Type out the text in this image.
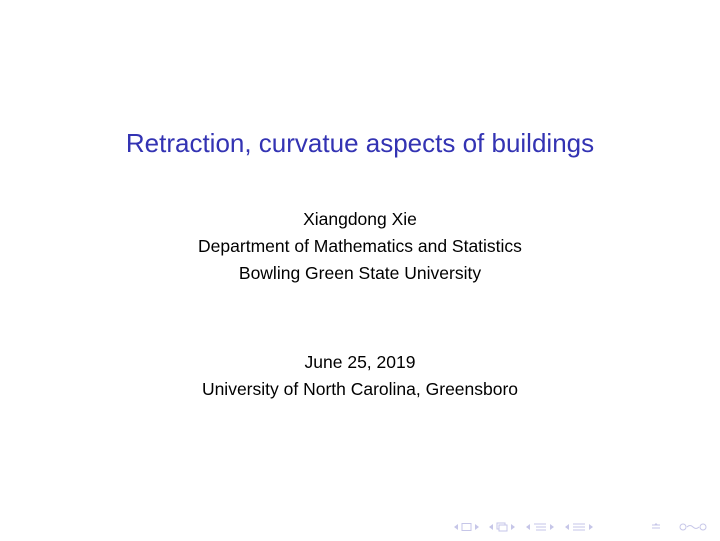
Retraction, curvatue aspects of buildings
Xiangdong Xie
Department of Mathematics and Statistics
Bowling Green State University
June 25, 2019
University of North Carolina, Greensboro
